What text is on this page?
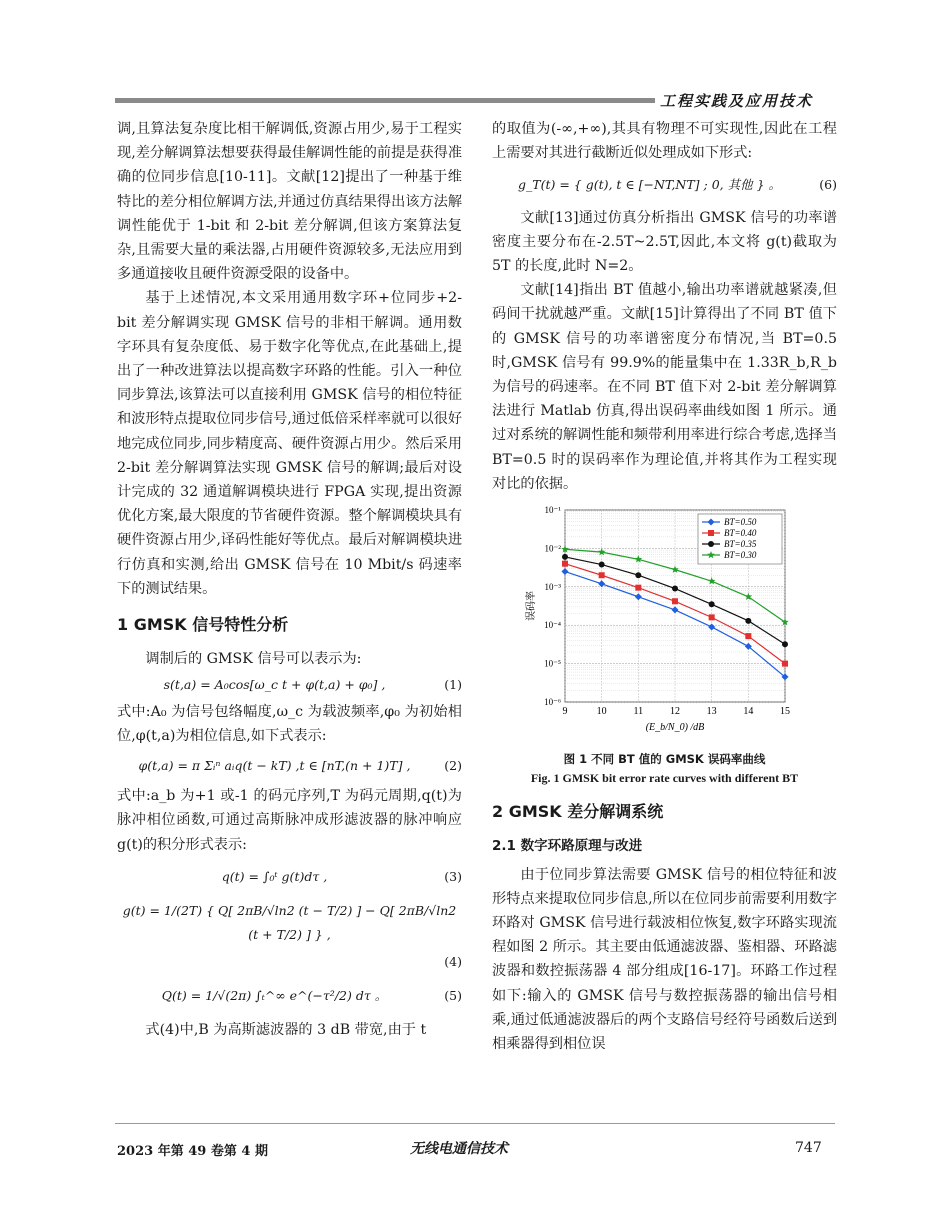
工程实践及应用技术

调,且算法复杂度比相干解调低,资源占用少,易于工程实现,差分解调算法想要获得最佳解调性能的前提是获得准确的位同步信息[10-11]。文献[12]提出了一种基于维特比的差分相位解调方法,并通过仿真结果得出该方法解调性能优于 1-bit 和 2-bit 差分解调,但该方案算法复杂,且需要大量的乘法器,占用硬件资源较多,无法应用到多通道接收且硬件资源受限的设备中。

基于上述情况,本文采用通用数字环+位同步+2-bit 差分解调实现 GMSK 信号的非相干解调。通用数字环具有复杂度低、易于数字化等优点,在此基础上,提出了一种改进算法以提高数字环路的性能。引入一种位同步算法,该算法可以直接利用 GMSK 信号的相位特征和波形特点提取位同步信号,通过低倍采样率就可以很好地完成位同步,同步精度高、硬件资源占用少。然后采用 2-bit 差分解调算法实现 GMSK 信号的解调;最后对设计完成的 32 通道解调模块进行 FPGA 实现,提出资源优化方案,最大限度的节省硬件资源。整个解调模块具有硬件资源占用少,译码性能好等优点。最后对解调模块进行仿真和实测,给出 GMSK 信号在 10 Mbit/s 码速率下的测试结果。

1 GMSK 信号特性分析

调制后的 GMSK 信号可以表示为:

s(t,a) = A₀cos[ω_c t + φ(t,a) + φ₀] ,	(1)

式中:A₀ 为信号包络幅度,ω_c 为载波频率,φ₀ 为初始相位,φ(t,a)为相位信息,如下式表示:

φ(t,a) = π Σᵢⁿ aᵢq(t − kT) ,t ∈ [nT,(n + 1)T] ,	(2)

式中:a_b 为+1 或-1 的码元序列,T 为码元周期,q(t)为脉冲相位函数,可通过高斯脉冲成形滤波器的脉冲响应 g(t)的积分形式表示:

q(t) = ∫₀ᵗ g(t)dτ ,	(3)
g(t) = 1/(2T) { Q[ 2πB/√ln2 (t − T/2) ] − Q[ 2πB/√ln2 (t + T/2) ] } ,
(4)
Q(t) = 1/√(2π) ∫ₜ^∞ e^(−τ²/2) dτ 。	(5)

式(4)中,B 为高斯滤波器的 3 dB 带宽,由于 t

的取值为(-∞,+∞),其具有物理不可实现性,因此在工程上需要对其进行截断近似处理成如下形式:

g_T(t) = { g(t), t ∈ [−NT,NT] ; 0, 其他 } 。	(6)

文献[13]通过仿真分析指出 GMSK 信号的功率谱密度主要分布在-2.5T~2.5T,因此,本文将 g(t)截取为 5T 的长度,此时 N=2。

文献[14]指出 BT 值越小,输出功率谱就越紧凑,但码间干扰就越严重。文献[15]计算得出了不同 BT 值下的 GMSK 信号的功率谱密度分布情况,当 BT=0.5 时,GMSK 信号有 99.9%的能量集中在 1.33R_b,R_b 为信号的码速率。在不同 BT 值下对 2-bit 差分解调算法进行 Matlab 仿真,得出误码率曲线如图 1 所示。通过对系统的解调性能和频带利用率进行综合考虑,选择当 BT=0.5 时的误码率作为理论值,并将其作为工程实现对比的依据。

10⁻¹
10⁻²
10⁻³
10⁻⁴
10⁻⁵
10⁻⁶
9	10	11	12	13	14	15
(E_b/N_0) /dB
误码率
BT=0.50
BT=0.40
BT=0.35
BT=0.30
图 1 不同 BT 值的 GMSK 误码率曲线
Fig. 1 GMSK bit error rate curves with different BT
2 GMSK 差分解调系统
2.1 数字环路原理与改进

由于位同步算法需要 GMSK 信号的相位特征和波形特点来提取位同步信息,所以在位同步前需要利用数字环路对 GMSK 信号进行载波相位恢复,数字环路实现流程如图 2 所示。其主要由低通滤波器、鉴相器、环路滤波器和数控振荡器 4 部分组成[16-17]。环路工作过程如下:输入的 GMSK 信号与数控振荡器的输出信号相乘,通过低通滤波器后的两个支路信号经符号函数后送到相乘器得到相位误

2023 年第 49 卷第 4 期	无线电通信技术	747
